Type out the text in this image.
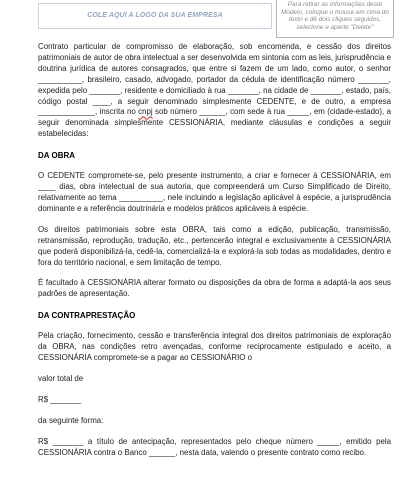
COLE AQUI A LOGO DA SUA EMPRESA
Para retirar as informações deste Modelo, coloque o mouse em cima do texto e dê dois cliques seguidos, selecione e aperte "Delete"

Contrato particular de compromisso de elaboração, sob encomenda, e cessão dos direitos patrimoniais de autor de obra intelectual a ser desenvolvida em sintonia com as leis, jurisprudência e doutrina jurídica de autores consagrados, que entre si fazem de um lado, como autor, o senhor __________, brasileiro, casado, advogado, portador da cédula de identificação número _______, expedida pelo _______, residente e domiciliado à rua _______, na cidade de _______, estado, país, código postal ____, a seguir denominado simplesmente CEDENTE, e de outro, a empresa _____________, inscrita no cnpj sob número ______, com sede à rua _____, em (cidade-estado), a seguir denominada simplesmente CESSIONÁRIA, mediante cláusulas e condições a seguir estabelecidas:

DA OBRA

O CEDENTE compromete-se, pelo presente instrumento, a criar e fornecer à CESSIONÁRIA, em ____ dias, obra intelectual de sua autoria, que compreenderá um Curso Simplificado de Direito, relativamente ao tema __________, nele incluindo a legislação aplicável à espécie, a jurisprudência dominante e a referência doutrinária e modelos práticos aplicáveis à espécie.

Os direitos patrimoniais sobre esta OBRA, tais como a edição, publicação, transmissão, retransmissão, reprodução, tradução, etc., pertencerão integral e exclusivamente à CESSIONÁRIA que poderá disponibilizá-la, cedê-la, comercializá-la e explorá-la sob todas as modalidades, dentro e fora do território nacional, e sem limitação de tempo.

É facultado à CESSIONÁRIA alterar formato ou disposições da obra de forma a adaptá-la aos seus padrões de apresentação.

DA CONTRAPRESTAÇÃO

Pela criação, fornecimento, cessão e transferência integral dos direitos patrimoniais de exploração da OBRA, nas condições retro avençadas, conforme reciprocamente estipulado e aceito, a CESSIONÁRIA compromete-se a pagar ao CESSIONÁRIO o

valor total de

R$ _______

da seguinte forma:

R$ _______ a título de antecipação, representados pelo cheque número _____, emitido pela CESSIONÁRIA contra o Banco ______, nesta data, valendo o presente contrato como recibo.
